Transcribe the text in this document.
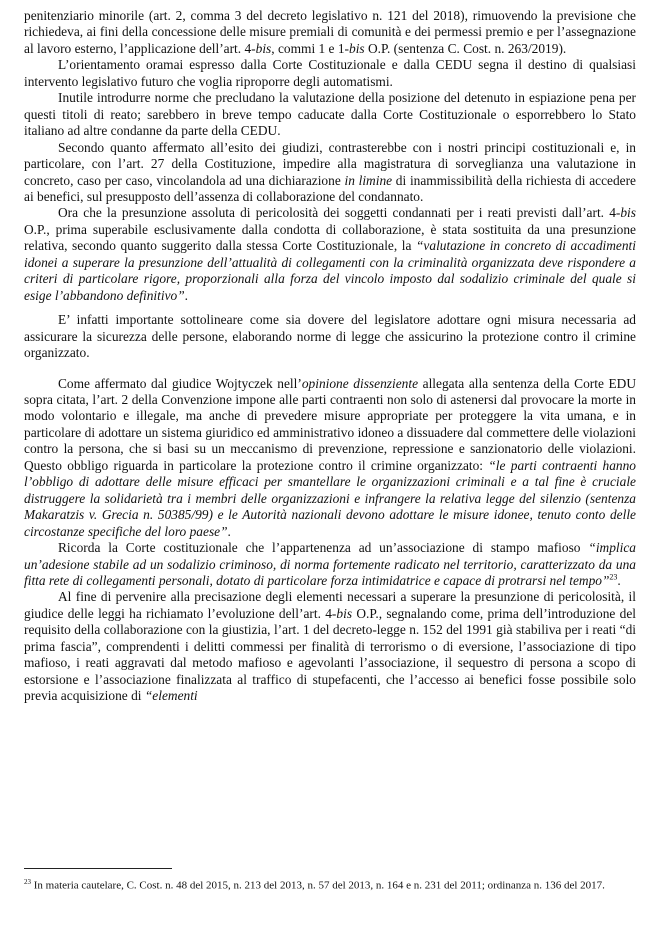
penitenziario minorile (art. 2, comma 3 del decreto legislativo n. 121 del 2018), rimuovendo la previsione che richiedeva, ai fini della concessione delle misure premiali di comunità e dei permessi premio e per l’assegnazione al lavoro esterno, l’applicazione dell’art. 4-bis, commi 1 e 1-bis O.P. (sentenza C. Cost. n. 263/2019).

L’orientamento oramai espresso dalla Corte Costituzionale e dalla CEDU segna il destino di qualsiasi intervento legislativo futuro che voglia riproporre degli automatismi.

Inutile introdurre norme che precludano la valutazione della posizione del detenuto in espiazione pena per questi titoli di reato; sarebbero in breve tempo caducate dalla Corte Costituzionale o esporrebbero lo Stato italiano ad altre condanne da parte della CEDU.

Secondo quanto affermato all’esito dei giudizi, contrasterebbe con i nostri principi costituzionali e, in particolare, con l’art. 27 della Costituzione, impedire alla magistratura di sorveglianza una valutazione in concreto, caso per caso, vincolandola ad una dichiarazione in limine di inammissibilità della richiesta di accedere ai benefici, sul presupposto dell’assenza di collaborazione del condannato.

Ora che la presunzione assoluta di pericolosità dei soggetti condannati per i reati previsti dall’art. 4-bis O.P., prima superabile esclusivamente dalla condotta di collaborazione, è stata sostituita da una presunzione relativa, secondo quanto suggerito dalla stessa Corte Costituzionale, la “valutazione in concreto di accadimenti idonei a superare la presunzione dell’attualità di collegamenti con la criminalità organizzata deve rispondere a criteri di particolare rigore, proporzionali alla forza del vincolo imposto dal sodalizio criminale del quale si esige l’abbandono definitivo”.

E’ infatti importante sottolineare come sia dovere del legislatore adottare ogni misura necessaria ad assicurare la sicurezza delle persone, elaborando norme di legge che assicurino la protezione contro il crimine organizzato.

Come affermato dal giudice Wojtyczek nell’opinione dissenziente allegata alla sentenza della Corte EDU sopra citata, l’art. 2 della Convenzione impone alle parti contraenti non solo di astenersi dal provocare la morte in modo volontario e illegale, ma anche di prevedere misure appropriate per proteggere la vita umana, e in particolare di adottare un sistema giuridico ed amministrativo idoneo a dissuadere dal commettere delle violazioni contro la persona, che si basi su un meccanismo di prevenzione, repressione e sanzionatorio delle violazioni. Questo obbligo riguarda in particolare la protezione contro il crimine organizzato: “le parti contraenti hanno l’obbligo di adottare delle misure efficaci per smantellare le organizzazioni criminali e a tal fine è cruciale distruggere la solidarietà tra i membri delle organizzazioni e infrangere la relativa legge del silenzio (sentenza Makaratzis v. Grecia n. 50385/99) e le Autorità nazionali devono adottare le misure idonee, tenuto conto delle circostanze specifiche del loro paese”.

Ricorda la Corte costituzionale che l’appartenenza ad un’associazione di stampo mafioso “implica un’adesione stabile ad un sodalizio criminoso, di norma fortemente radicato nel territorio, caratterizzato da una fitta rete di collegamenti personali, dotato di particolare forza intimidatrice e capace di protrarsi nel tempo”$^{23}$.

Al fine di pervenire alla precisazione degli elementi necessari a superare la presunzione di pericolosità, il giudice delle leggi ha richiamato l’evoluzione dell’art. 4-bis O.P., segnalando come, prima dell’introduzione del requisito della collaborazione con la giustizia, l’art. 1 del decreto-legge n. 152 del 1991 già stabiliva per i reati “di prima fascia”, comprendenti i delitti commessi per finalità di terrorismo o di eversione, l’associazione di tipo mafioso, i reati aggravati dal metodo mafioso e agevolanti l’associazione, il sequestro di persona a scopo di estorsione e l’associazione finalizzata al traffico di stupefacenti, che l’accesso ai benefici fosse possibile solo previa acquisizione di “elementi

$^{23}$ In materia cautelare, C. Cost. n. 48 del 2015, n. 213 del 2013, n. 57 del 2013, n. 164 e n. 231 del 2011; ordinanza n. 136 del 2017.
